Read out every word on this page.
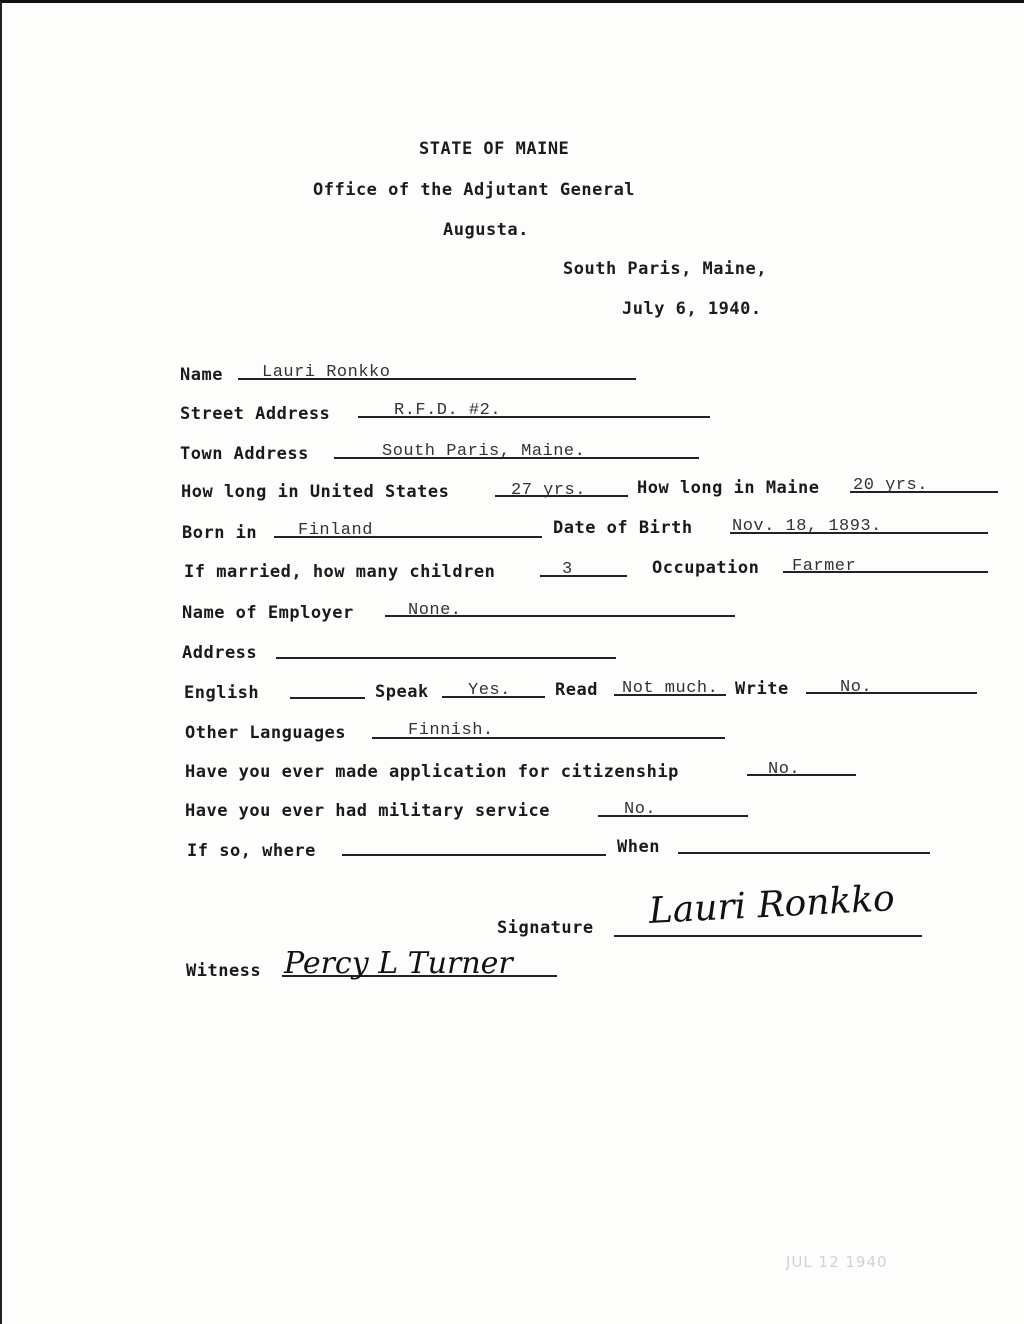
STATE OF MAINE
Office of the Adjutant General
Augusta.
South Paris, Maine,
July 6, 1940.
Name Lauri Ronkko
Street Address	R.F.D. #2.
Town Address	South Paris, Maine.
How long in United States	27 yrs.	How long in Maine 20 yrs.
Born in Finland	Date of Birth Nov. 18, 1893.
If married, how many children	3	Occupation Farmer
Name of Employer	None.
Address
English	Speak Yes.	Read Not much. Write	No.
Other Languages	Finnish.
Have you ever made application for citizenship	No.
Have you ever had military service	No.
If so, where	When
Signature Lauri Ronkko
Witness Percy L Turner
JUL 12 1940
